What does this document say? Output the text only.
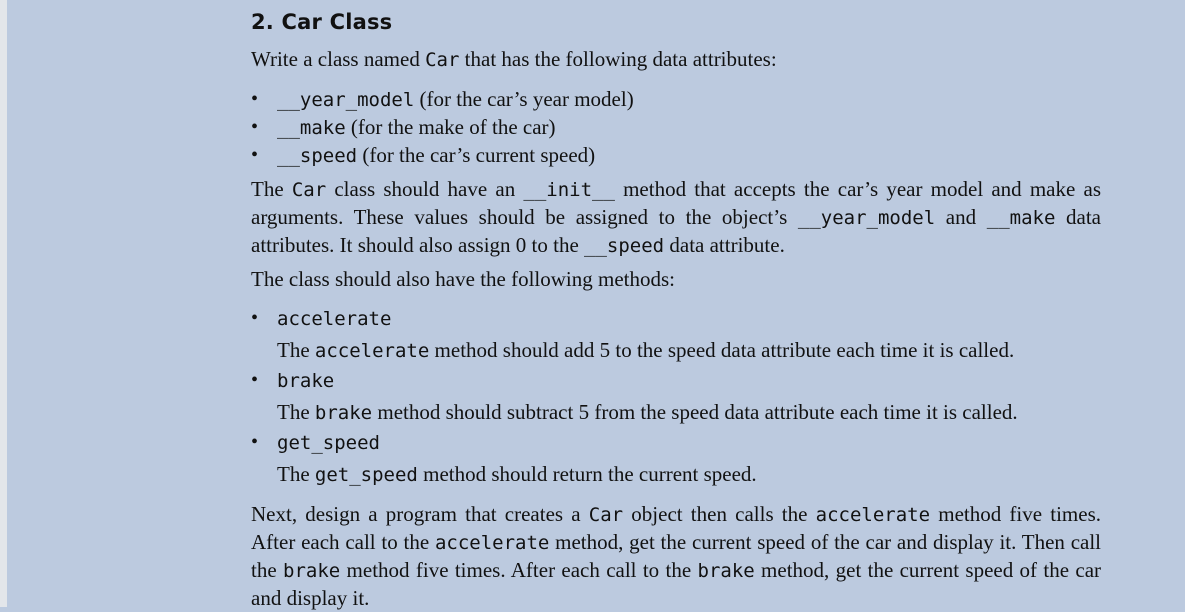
2. Car Class

Write a class named Car that has the following data attributes:

• __year_model (for the car’s year model)
• __make (for the make of the car)
• __speed (for the car’s current speed)

The Car class should have an __init__ method that accepts the car’s year model and make as arguments. These values should be assigned to the object’s __year_model and __make data attributes. It should also assign 0 to the __speed data attribute.

The class should also have the following methods:

• accelerate
The accelerate method should add 5 to the speed data attribute each time it is called.
• brake
The brake method should subtract 5 from the speed data attribute each time it is called.
• get_speed
The get_speed method should return the current speed.

Next, design a program that creates a Car object then calls the accelerate method five times. After each call to the accelerate method, get the current speed of the car and display it. Then call the brake method five times. After each call to the brake method, get the current speed of the car and display it.
